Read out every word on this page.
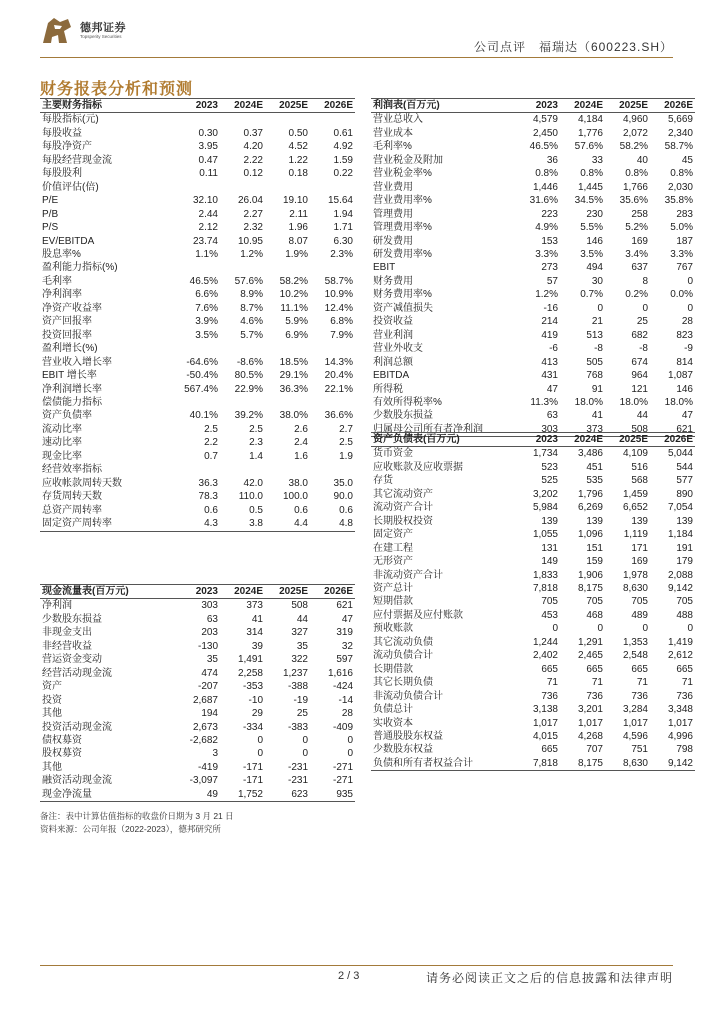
德邦证券
Topsperity Securities
公司点评　福瑞达（600223.SH）
财务报表分析和预测
主要财务指标	2023	2024E	2025E	2026E
每股指标(元)				
每股收益	0.30	0.37	0.50	0.61
每股净资产	3.95	4.20	4.52	4.92
每股经营现金流	0.47	2.22	1.22	1.59
每股股利	0.11	0.12	0.18	0.22
价值评估(倍)				
P/E	32.10	26.04	19.10	15.64
P/B	2.44	2.27	2.11	1.94
P/S	2.12	2.32	1.96	1.71
EV/EBITDA	23.74	10.95	8.07	6.30
股息率%	1.1%	1.2%	1.9%	2.3%
盈利能力指标(%)				
毛利率	46.5%	57.6%	58.2%	58.7%
净利润率	6.6%	8.9%	10.2%	10.9%
净资产收益率	7.6%	8.7%	11.1%	12.4%
资产回报率	3.9%	4.6%	5.9%	6.8%
投资回报率	3.5%	5.7%	6.9%	7.9%
盈利增长(%)				
营业收入增长率	-64.6%	-8.6%	18.5%	14.3%
EBIT 增长率	-50.4%	80.5%	29.1%	20.4%
净利润增长率	567.4%	22.9%	36.3%	22.1%
偿债能力指标				
资产负债率	40.1%	39.2%	38.0%	36.6%
流动比率	2.5	2.5	2.6	2.7
速动比率	2.2	2.3	2.4	2.5
现金比率	0.7	1.4	1.6	1.9
经营效率指标				
应收帐款周转天数	36.3	42.0	38.0	35.0
存货周转天数	78.3	110.0	100.0	90.0
总资产周转率	0.6	0.5	0.6	0.6
固定资产周转率	4.3	3.8	4.4	4.8
利润表(百万元)	2023	2024E	2025E	2026E
营业总收入	4,579	4,184	4,960	5,669
营业成本	2,450	1,776	2,072	2,340
毛利率%	46.5%	57.6%	58.2%	58.7%
营业税金及附加	36	33	40	45
营业税金率%	0.8%	0.8%	0.8%	0.8%
营业费用	1,446	1,445	1,766	2,030
营业费用率%	31.6%	34.5%	35.6%	35.8%
管理费用	223	230	258	283
管理费用率%	4.9%	5.5%	5.2%	5.0%
研发费用	153	146	169	187
研发费用率%	3.3%	3.5%	3.4%	3.3%
EBIT	273	494	637	767
财务费用	57	30	8	0
财务费用率%	1.2%	0.7%	0.2%	0.0%
资产减值损失	-16	0	0	0
投资收益	214	21	25	28
营业利润	419	513	682	823
营业外收支	-6	-8	-8	-9
利润总额	413	505	674	814
EBITDA	431	768	964	1,087
所得税	47	91	121	146
有效所得税率%	11.3%	18.0%	18.0%	18.0%
少数股东损益	63	41	44	47
归属母公司所有者净利润	303	373	508	621
资产负债表(百万元)	2023	2024E	2025E	2026E
货币资金	1,734	3,486	4,109	5,044
应收账款及应收票据	523	451	516	544
存货	525	535	568	577
其它流动资产	3,202	1,796	1,459	890
流动资产合计	5,984	6,269	6,652	7,054
长期股权投资	139	139	139	139
固定资产	1,055	1,096	1,119	1,184
在建工程	131	151	171	191
无形资产	149	159	169	179
非流动资产合计	1,833	1,906	1,978	2,088
资产总计	7,818	8,175	8,630	9,142
短期借款	705	705	705	705
应付票据及应付账款	453	468	489	488
预收账款	0	0	0	0
其它流动负债	1,244	1,291	1,353	1,419
流动负债合计	2,402	2,465	2,548	2,612
长期借款	665	665	665	665
其它长期负债	71	71	71	71
非流动负债合计	736	736	736	736
负债总计	3,138	3,201	3,284	3,348
实收资本	1,017	1,017	1,017	1,017
普通股股东权益	4,015	4,268	4,596	4,996
少数股东权益	665	707	751	798
负债和所有者权益合计	7,818	8,175	8,630	9,142
现金流量表(百万元)	2023	2024E	2025E	2026E
净利润	303	373	508	621
少数股东损益	63	41	44	47
非现金支出	203	314	327	319
非经营收益	-130	39	35	32
营运资金变动	35	1,491	322	597
经营活动现金流	474	2,258	1,237	1,616
资产	-207	-353	-388	-424
投资	2,687	-10	-19	-14
其他	194	29	25	28
投资活动现金流	2,673	-334	-383	-409
债权募资	-2,682	0	0	0
股权募资	3	0	0	0
其他	-419	-171	-231	-271
融资活动现金流	-3,097	-171	-231	-271
现金净流量	49	1,752	623	935
备注：表中计算估值指标的收盘价日期为 3 月 21 日
资料来源：公司年报（2022-2023），德邦研究所
2 / 3	请务必阅读正文之后的信息披露和法律声明
